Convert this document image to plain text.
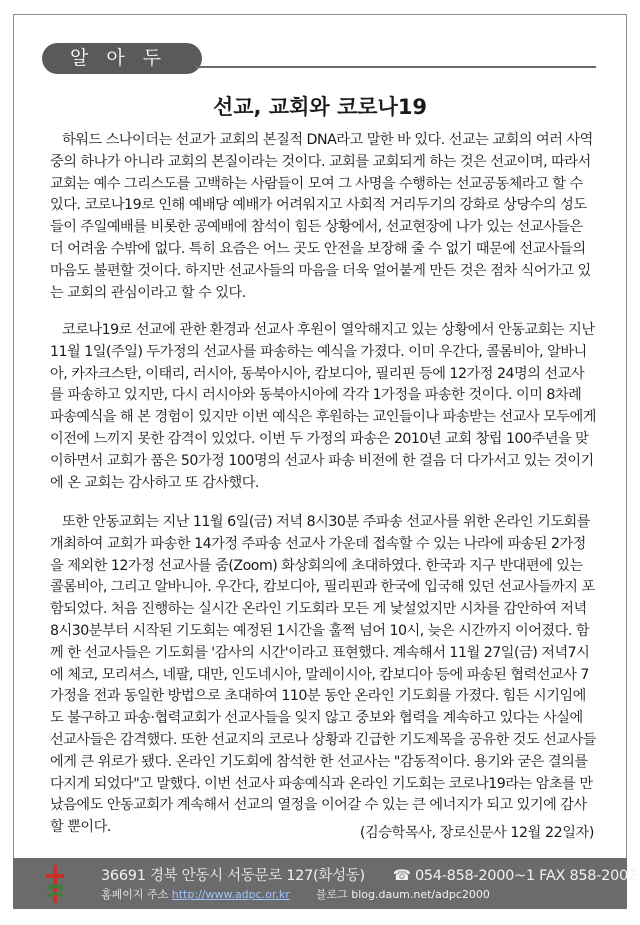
알 아 두 기
선교, 교회와 코로나19

하워드 스나이더는 선교가 교회의 본질적 DNA라고 말한 바 있다. 선교는 교회의 여러 사역 중의 하나가 아니라 교회의 본질이라는 것이다. 교회를 교회되게 하는 것은 선교이며, 따라서 교회는 예수 그리스도를 고백하는 사람들이 모여 그 사명을 수행하는 선교공동체라고 할 수 있다. 코로나19로 인해 예배당 예배가 어려워지고 사회적 거리두기의 강화로 상당수의 성도들이 주일예배를 비롯한 공예배에 참석이 힘든 상황에서, 선교현장에 나가 있는 선교사들은 더 어려움 수밖에 없다. 특히 요즘은 어느 곳도 안전을 보장해 줄 수 없기 때문에 선교사들의 마음도 불편할 것이다. 하지만 선교사들의 마음을 더욱 얼어붙게 만든 것은 점차 식어가고 있는 교회의 관심이라고 할 수 있다.

코로나19로 선교에 관한 환경과 선교사 후원이 열악해지고 있는 상황에서 안동교회는 지난 11월 1일(주일) 두가정의 선교사를 파송하는 예식을 가졌다. 이미 우간다, 콜롬비아, 알바니아, 카자크스탄, 이태리, 러시아, 동북아시아, 캄보디아, 필리핀 등에 12가정 24명의 선교사를 파송하고 있지만, 다시 러시아와 동북아시아에 각각 1가정을 파송한 것이다. 이미 8차례 파송예식을 해 본 경험이 있지만 이번 예식은 후원하는 교인들이나 파송받는 선교사 모두에게 이전에 느끼지 못한 감격이 있었다. 이번 두 가정의 파송은 2010년 교회 창립 100주년을 맞이하면서 교회가 품은 50가정 100명의 선교사 파송 비전에 한 걸음 더 다가서고 있는 것이기에 온 교회는 감사하고 또 감사했다.

또한 안동교회는 지난 11월 6일(금) 저녁 8시30분 주파송 선교사를 위한 온라인 기도회를 개최하여 교회가 파송한 14가정 주파송 선교사 가운데 접속할 수 있는 나라에 파송된 2가정을 제외한 12가정 선교사를 줌(Zoom) 화상회의에 초대하였다. 한국과 지구 반대편에 있는 콜롬비아, 그리고 알바니아. 우간다, 캄보디아, 필리핀과 한국에 입국해 있던 선교사들까지 포함되었다. 처음 진행하는 실시간 온라인 기도회라 모든 게 낯설었지만 시차를 감안하여 저녁 8시30분부터 시작된 기도회는 예정된 1시간을 훌쩍 넘어 10시, 늦은 시간까지 이어졌다. 함께 한 선교사들은 기도회를 '감사의 시간'이라고 표현했다. 계속해서 11월 27일(금) 저녁7시에 체코, 모리셔스, 네팔, 대만, 인도네시아, 말레이시아, 캄보디아 등에 파송된 협력선교사 7가정을 전과 동일한 방법으로 초대하여 110분 동안 온라인 기도회를 가졌다. 힘든 시기임에도 불구하고 파송·협력교회가 선교사들을 잊지 않고 중보와 협력을 계속하고 있다는 사실에 선교사들은 감격했다. 또한 선교지의 코로나 상황과 긴급한 기도제목을 공유한 것도 선교사들에게 큰 위로가 됐다. 온라인 기도회에 참석한 한 선교사는 "감동적이다. 용기와 굳은 결의를 다지게 되었다"고 말했다. 이번 선교사 파송예식과 온라인 기도회는 코로나19라는 암초를 만났음에도 안동교회가 계속해서 선교의 열정을 이어갈 수 있는 큰 에너지가 되고 있기에 감사할 뿐이다.	(김승학목사, 장로신문사 12월 22일자)
36691 경북 안동시 서동문로 127(화성동) ☎ 054-858-2000~1 FAX 858-2002
홈페이지 주소 http://www.adpc.or.kr 블로그 blog.daum.net/adpc2000
